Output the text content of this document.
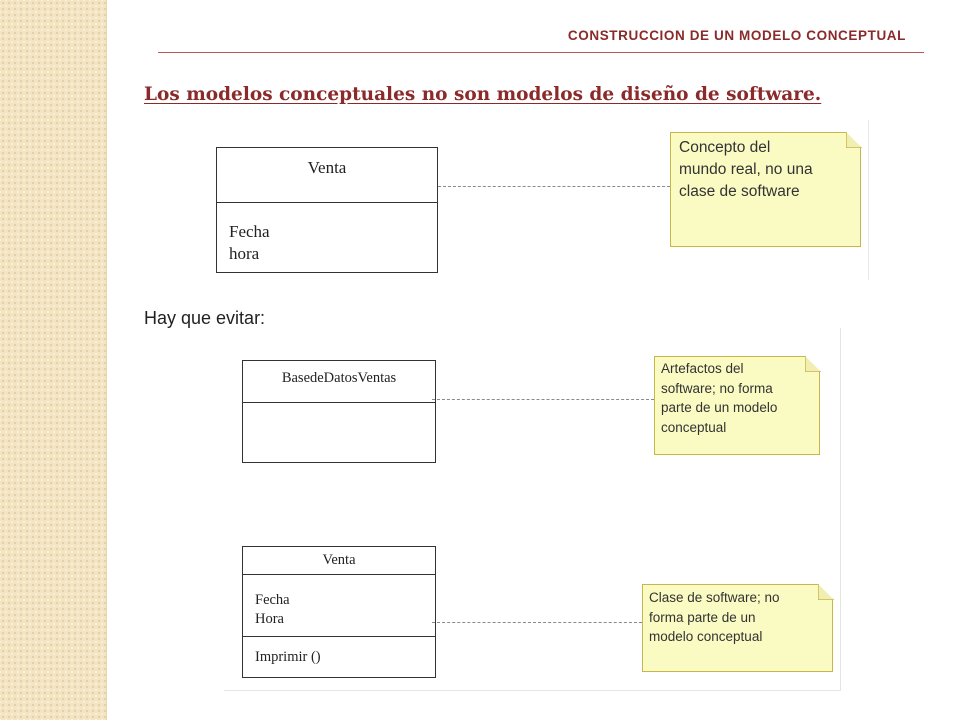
CONSTRUCCION DE UN MODELO CONCEPTUAL
Los modelos conceptuales no son modelos de diseño de software.
Venta
Fecha
hora
Concepto del
mundo real, no una
clase de software
Hay que evitar:
BasedeDatosVentas
Artefactos del
software; no forma
parte de un modelo
conceptual
Venta
Fecha
Hora
Imprimir ()
Clase de software; no
forma parte de un
modelo conceptual
